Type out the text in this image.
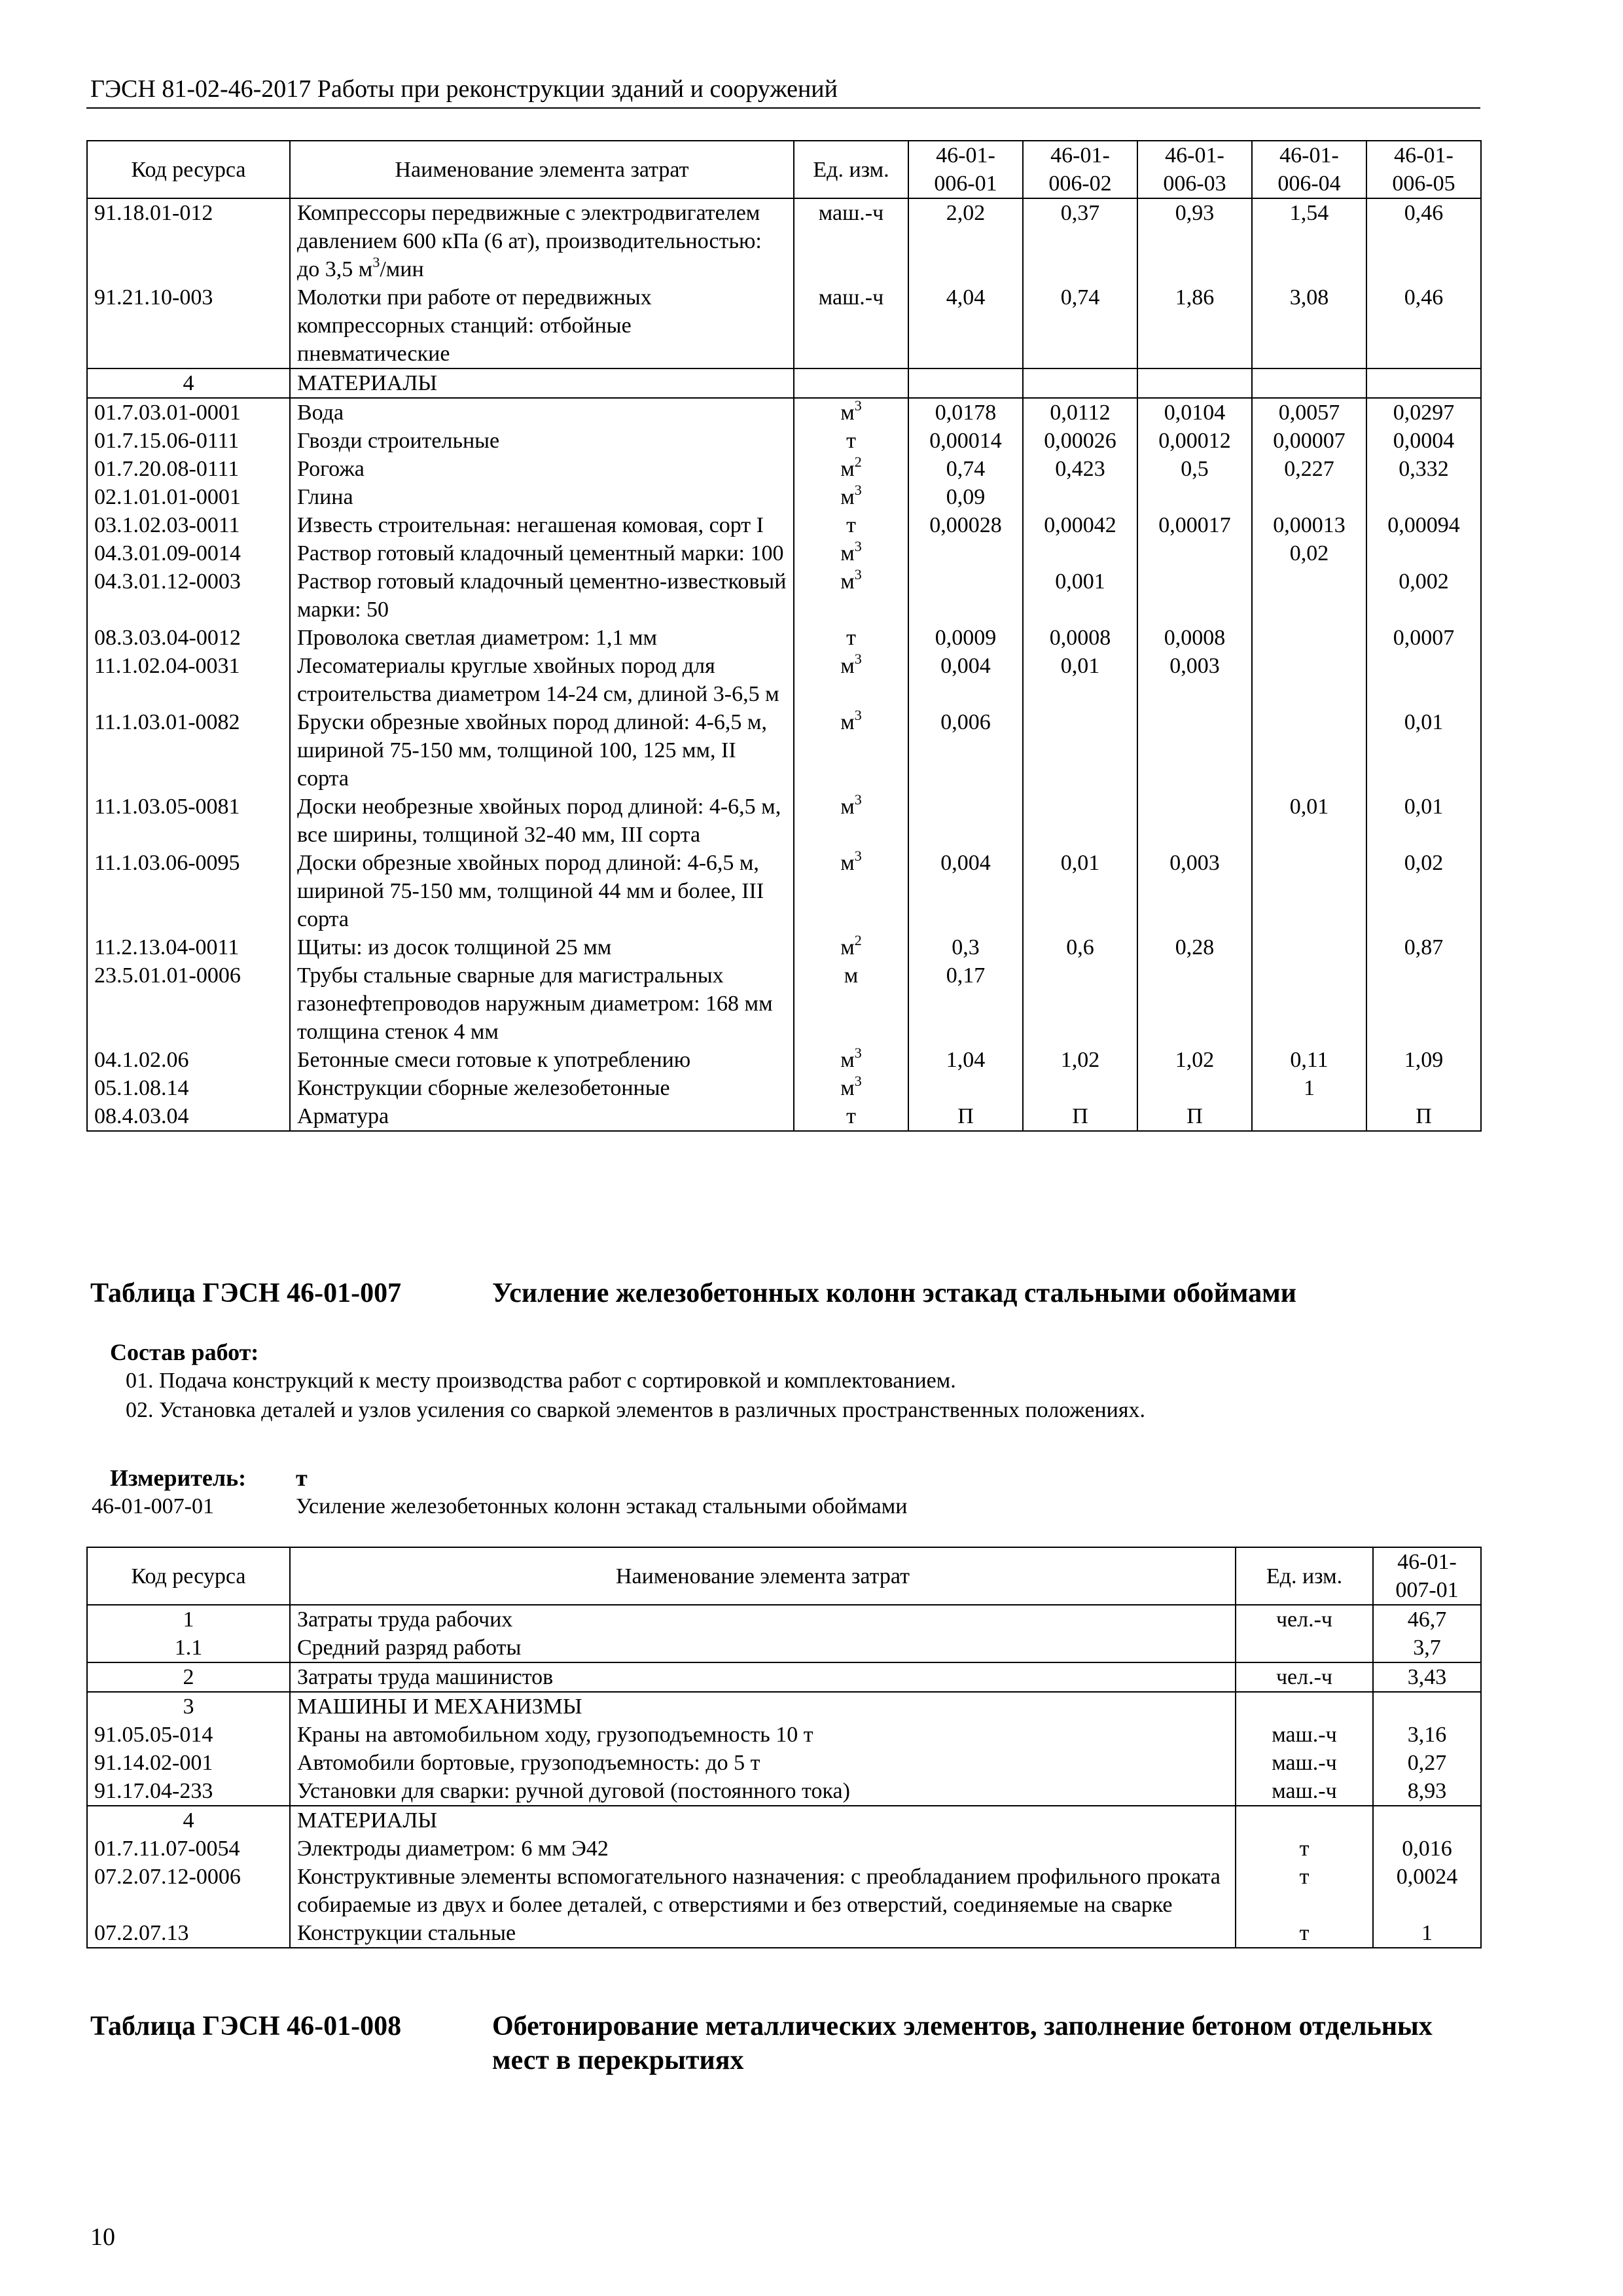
ГЭСН 81-02-46-2017 Работы при реконструкции зданий и сооружений
Код ресурса	Наименование элемента затрат	Ед. изм.	46-01-
006-01	46-01-
006-02	46-01-
006-03	46-01-
006-04	46-01-
006-05
91.18.01-012	Компрессоры передвижные с электродвигателем давлением 600 кПа (6 ат), производительностью: до 3,5 $м^3$/мин	маш.-ч	2,02	0,37	0,93	1,54	0,46
91.21.10-003	Молотки при работе от передвижных компрессорных станций: отбойные пневматические	маш.-ч	4,04	0,74	1,86	3,08	0,46
4	МАТЕРИАЛЫ						
01.7.03.01-0001	Вода	$м^3$	0,0178	0,0112	0,0104	0,0057	0,0297
01.7.15.06-0111	Гвозди строительные	т	0,00014	0,00026	0,00012	0,00007	0,0004
01.7.20.08-0111	Рогожа	$м^2$	0,74	0,423	0,5	0,227	0,332
02.1.01.01-0001	Глина	$м^3$	0,09				
03.1.02.03-0011	Известь строительная: негашеная комовая, сорт I	т	0,00028	0,00042	0,00017	0,00013	0,00094
04.3.01.09-0014	Раствор готовый кладочный цементный марки: 100	$м^3$				0,02	
04.3.01.12-0003	Раствор готовый кладочный цементно-известковый марки: 50	$м^3$		0,001			0,002
08.3.03.04-0012	Проволока светлая диаметром: 1,1 мм	т	0,0009	0,0008	0,0008		0,0007
11.1.02.04-0031	Лесоматериалы круглые хвойных пород для строительства диаметром 14-24 см, длиной 3-6,5 м	$м^3$	0,004	0,01	0,003		
11.1.03.01-0082	Бруски обрезные хвойных пород длиной: 4-6,5 м, шириной 75-150 мм, толщиной 100, 125 мм, II сорта	$м^3$	0,006				0,01
11.1.03.05-0081	Доски необрезные хвойных пород длиной: 4-6,5 м, все ширины, толщиной 32-40 мм, III сорта	$м^3$				0,01	0,01
11.1.03.06-0095	Доски обрезные хвойных пород длиной: 4-6,5 м, шириной 75-150 мм, толщиной 44 мм и более, III сорта	$м^3$	0,004	0,01	0,003		0,02
11.2.13.04-0011	Щиты: из досок толщиной 25 мм	$м^2$	0,3	0,6	0,28		0,87
23.5.01.01-0006	Трубы стальные сварные для магистральных газонефтепроводов наружным диаметром: 168 мм толщина стенок 4 мм	м	0,17				
04.1.02.06	Бетонные смеси готовые к употреблению	$м^3$	1,04	1,02	1,02	0,11	1,09
05.1.08.14	Конструкции сборные железобетонные	$м^3$				1	
08.4.03.04	Арматура	т	П	П	П		П
Таблица ГЭСН 46-01-007	Усиление железобетонных колонн эстакад стальными обоймами
Состав работ:
01. Подача конструкций к месту производства работ с сортировкой и комплектованием.
02. Установка деталей и узлов усиления со сваркой элементов в различных пространственных положениях.
Измеритель: т
46-01-007-01	Усиление железобетонных колонн эстакад стальными обоймами
Код ресурса	Наименование элемента затрат	Ед. изм.	46-01-
007-01
1	Затраты труда рабочих	чел.-ч	46,7
1.1	Средний разряд работы		3,7
2	Затраты труда машинистов	чел.-ч	3,43
3	МАШИНЫ И МЕХАНИЗМЫ		
91.05.05-014	Краны на автомобильном ходу, грузоподъемность 10 т	маш.-ч	3,16
91.14.02-001	Автомобили бортовые, грузоподъемность: до 5 т	маш.-ч	0,27
91.17.04-233	Установки для сварки: ручной дуговой (постоянного тока)	маш.-ч	8,93
4	МАТЕРИАЛЫ		
01.7.11.07-0054	Электроды диаметром: 6 мм Э42	т	0,016
07.2.07.12-0006	Конструктивные элементы вспомогательного назначения: с преобладанием профильного проката собираемые из двух и более деталей, с отверстиями и без отверстий, соединяемые на сварке	т	0,0024
07.2.07.13	Конструкции стальные	т	1
Таблица ГЭСН 46-01-008	Обетонирование металлических элементов, заполнение бетоном отдельных мест в перекрытиях
10
